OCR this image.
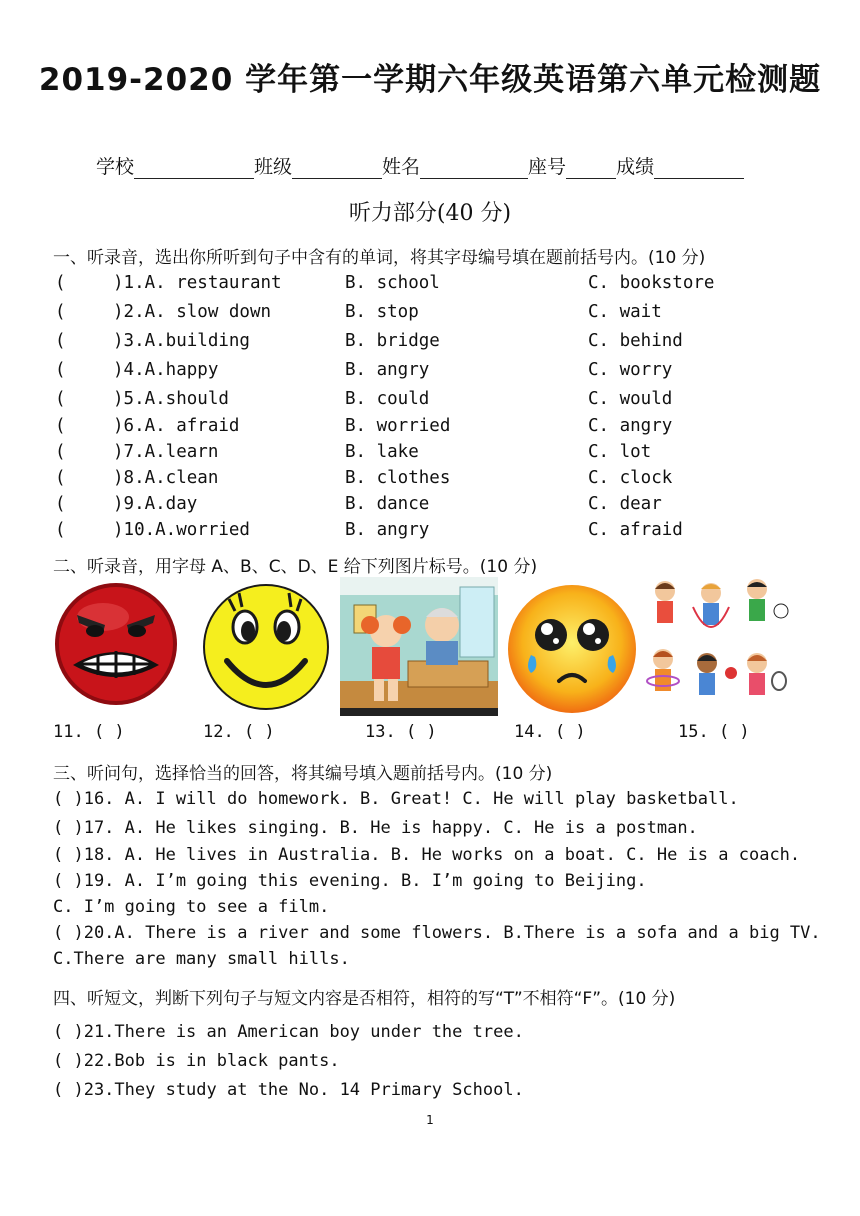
2019-2020 学年第一学期六年级英语第六单元检测题
学校	班级	姓名	座号	成绩
听力部分(40 分)
一、听录音，选出你所听到句子中含有的单词，将其字母编号填在题前括号内。(10 分)
(	)1.A. restaurant	B. school	C. bookstore
(	)2.A. slow down	B. stop	C. wait
(	)3.A.building	B. bridge	C. behind
(	)4.A.happy	B. angry	C. worry
(	)5.A.should	B. could	C. would
(	)6.A. afraid	B. worried	C. angry
(	)7.A.learn	B. lake	C. lot
(	)8.A.clean	B. clothes	C. clock
(	)9.A.day	B. dance	C. dear
(	)10.A.worried	B. angry	C. afraid
二、听录音，用字母 A、B、C、D、E 给下列图片标号。(10 分)
11. ( )	12. ( )	13. ( )	14. ( )	15. ( )
三、听问句，选择恰当的回答，将其编号填入题前括号内。(10 分)
( )16. A. I will do homework. B. Great! C. He will play basketball.
( )17. A. He likes singing. B. He is happy. C. He is a postman.
( )18. A. He lives in Australia. B. He works on a boat. C. He is a coach.
( )19. A. I’m going this evening. B. I’m going to Beijing.
C. I’m going to see a film.
( )20.A. There is a river and some flowers. B.There is a sofa and a big TV.
C.There are many small hills.
四、听短文，判断下列句子与短文内容是否相符，相符的写“T”不相符“F”。(10 分)
( )21.There is an American boy under the tree.
( )22.Bob is in black pants.
( )23.They study at the No. 14 Primary School.
1
